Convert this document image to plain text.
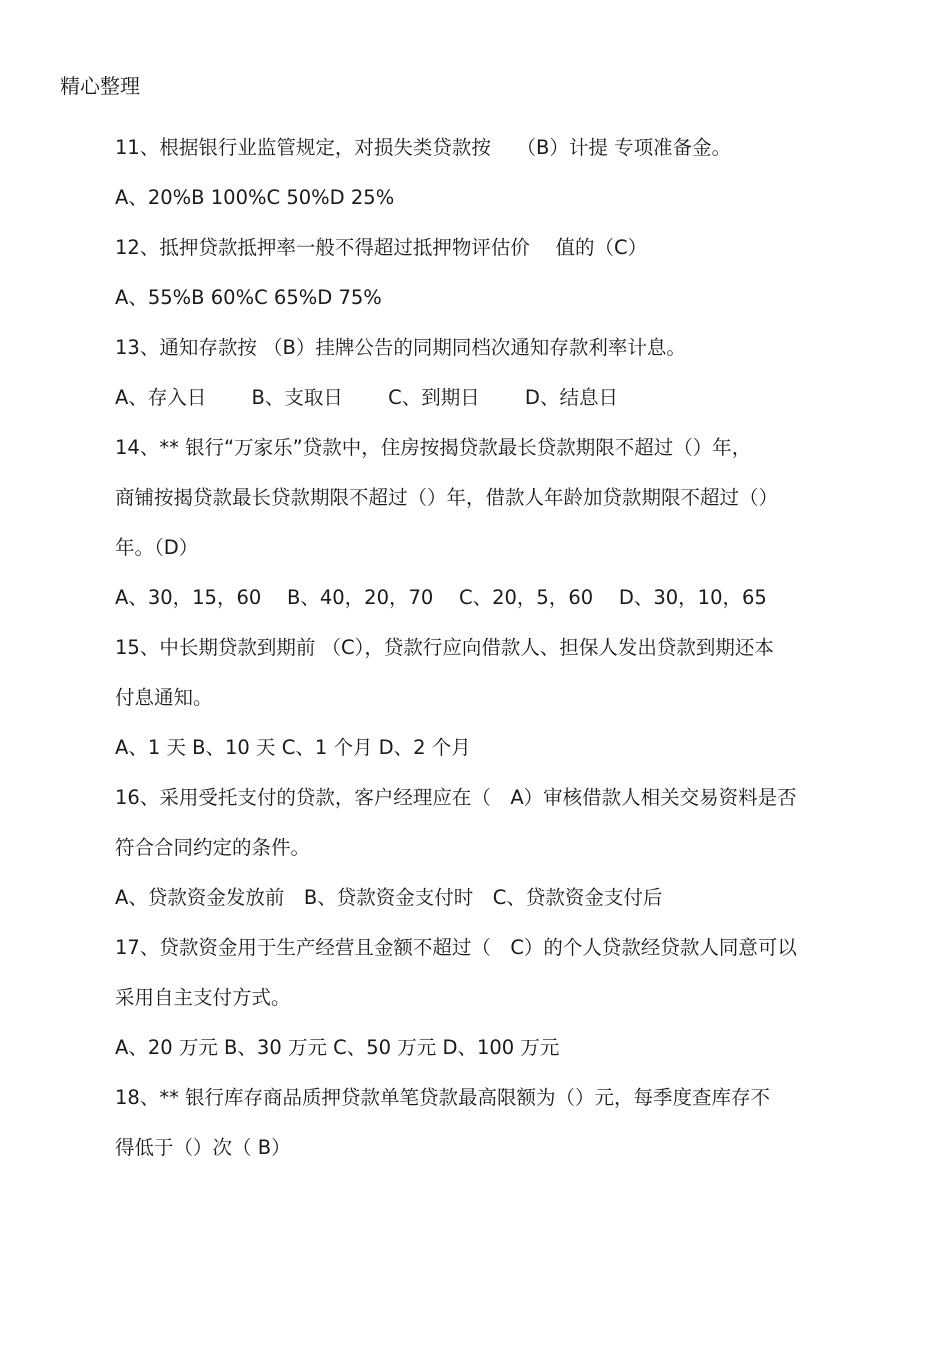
精心整理
11、根据银行业监管规定，对损失类贷款按　 （B）计提 专项准备金。
A、20%B 100%C 50%D 25%
12、抵押贷款抵押率一般不得超过抵押物评估价　 值的（C）
A、55%B 60%C 65%D 75%
13、通知存款按 （B）挂牌公告的同期同档次通知存款利率计息。
A、存入日　　 B、支取日　　 C、到期日　　 D、结息日
14、** 银行“万家乐”贷款中，住房按揭贷款最长贷款期限不超过（）年，
商铺按揭贷款最长贷款期限不超过（）年，借款人年龄加贷款期限不超过（）
年。（D）
A、30，15，60　 B、40，20，70　 C、20，5，60　 D、30，10，65
15、中长期贷款到期前 （C），贷款行应向借款人、担保人发出贷款到期还本
付息通知。
A、1 天 B、10 天 C、1 个月 D、2 个月
16、采用受托支付的贷款，客户经理应在（　A）审核借款人相关交易资料是否
符合合同约定的条件。
A、贷款资金发放前　B、贷款资金支付时　C、贷款资金支付后
17、贷款资金用于生产经营且金额不超过（　C）的个人贷款经贷款人同意可以
采用自主支付方式。
A、20 万元 B、30 万元 C、50 万元 D、100 万元
18、** 银行库存商品质押贷款单笔贷款最高限额为（）元，每季度查库存不
得低于（）次（ B）
